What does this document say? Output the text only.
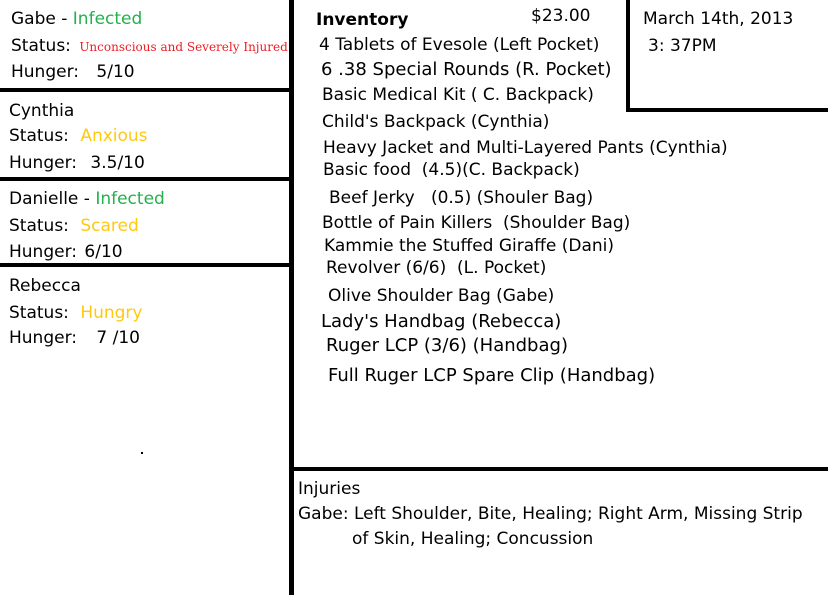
Gabe - Infected
Status: Unconscious and Severely Injured
Hunger: 5/10
Cynthia
Status: Anxious
Hunger: 3.5/10
Danielle - Infected
Status: Scared
Hunger: 6/10
Rebecca
Status: Hungry
Hunger: 7 /10
Inventory	$23.00
4 Tablets of Evesole (Left Pocket)
6 .38 Special Rounds (R. Pocket)
Basic Medical Kit ( C. Backpack)
Child's Backpack (Cynthia)
Heavy Jacket and Multi-Layered Pants (Cynthia)
Basic food  (4.5)(C. Backpack)
Beef Jerky   (0.5) (Shouler Bag)
Bottle of Pain Killers  (Shoulder Bag)
Kammie the Stuffed Giraffe (Dani)
Revolver (6/6)  (L. Pocket)
Olive Shoulder Bag (Gabe)
Lady's Handbag (Rebecca)
Ruger LCP (3/6) (Handbag)
Full Ruger LCP Spare Clip (Handbag)
March 14th, 2013
3: 37PM
Injuries
Gabe: Left Shoulder, Bite, Healing; Right Arm, Missing Strip
of Skin, Healing; Concussion
